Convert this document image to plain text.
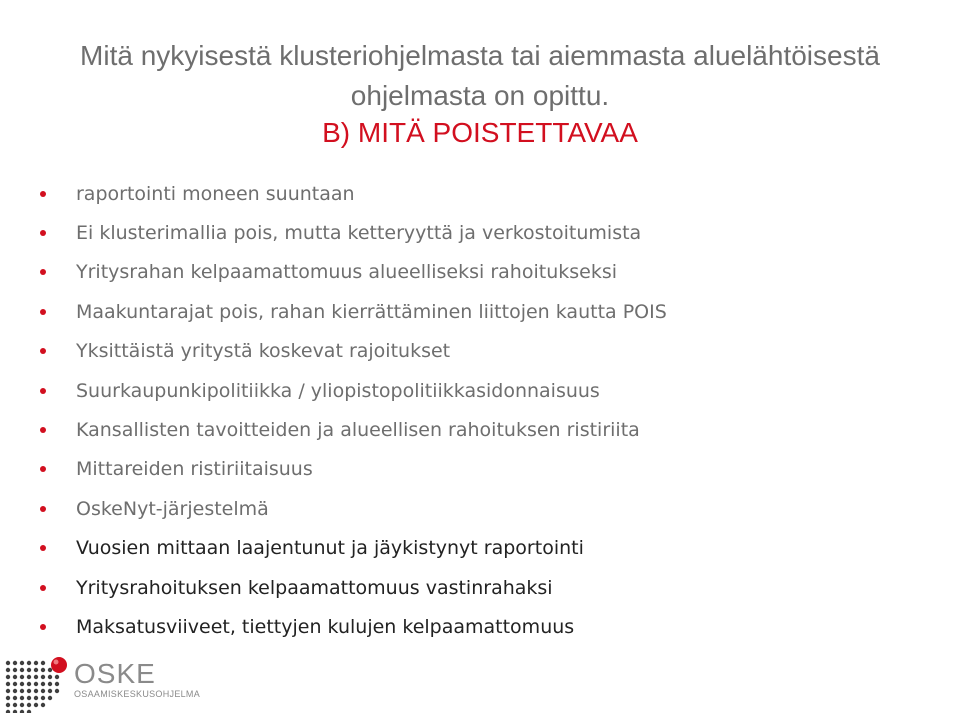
Mitä nykyisestä klusteriohjelmasta tai aiemmasta aluelähtöisestä
ohjelmasta on opittu.
B) MITÄ POISTETTAVAA
raportointi moneen suuntaan
Ei klusterimallia pois, mutta ketteryyttä ja verkostoitumista
Yritysrahan kelpaamattomuus alueelliseksi rahoitukseksi
Maakuntarajat pois, rahan kierrättäminen liittojen kautta POIS
Yksittäistä yritystä koskevat rajoitukset
Suurkaupunkipolitiikka / yliopistopolitiikkasidonnaisuus
Kansallisten tavoitteiden ja alueellisen rahoituksen ristiriita
Mittareiden ristiriitaisuus
OskeNyt-järjestelmä
Vuosien mittaan laajentunut ja jäykistynyt raportointi
Yritysrahoituksen kelpaamattomuus vastinrahaksi
Maksatusviiveet, tiettyjen kulujen kelpaamattomuus
OSKE
OSAAMISKESKUSOHJELMA
